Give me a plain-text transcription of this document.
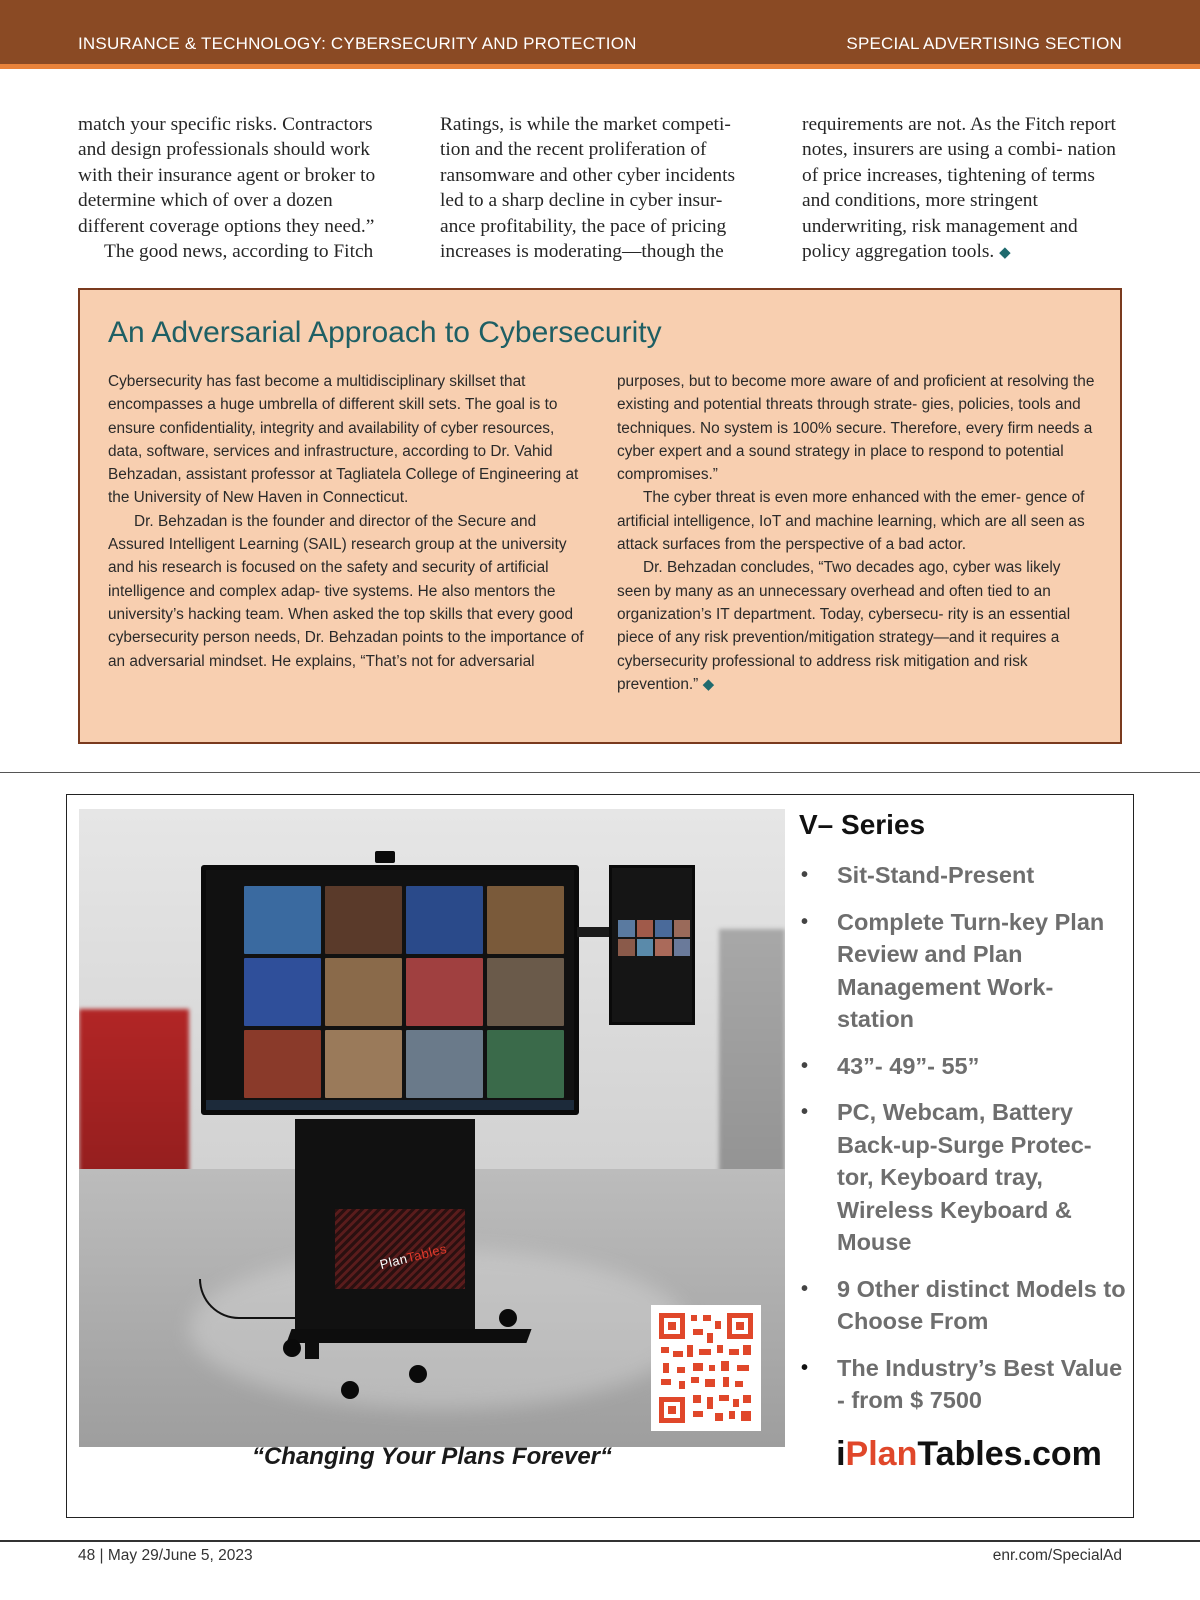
INSURANCE & TECHNOLOGY: CYBERSECURITY AND PROTECTION	SPECIAL ADVERTISING SECTION

match your specific risks. Contractors and design professionals should work with their insurance agent or broker to determine which of over a dozen different coverage options they need.”

The good news, according to Fitch

Ratings, is while the market competi- tion and the recent proliferation of ransomware and other cyber incidents led to a sharp decline in cyber insur- ance profitability, the pace of pricing increases is moderating—though the

requirements are not. As the Fitch report notes, insurers are using a combi- nation of price increases, tightening of terms and conditions, more stringent underwriting, risk management and policy aggregation tools. ◆

An Adversarial Approach to Cybersecurity

Cybersecurity has fast become a multidisciplinary skillset that encompasses a huge umbrella of different skill sets. The goal is to ensure confidentiality, integrity and availability of cyber resources, data, software, services and infrastructure, according to Dr. Vahid Behzadan, assistant professor at Tagliatela College of Engineering at the University of New Haven in Connecticut.

Dr. Behzadan is the founder and director of the Secure and Assured Intelligent Learning (SAIL) research group at the university and his research is focused on the safety and security of artificial intelligence and complex adap- tive systems. He also mentors the university’s hacking team. When asked the top skills that every good cybersecurity person needs, Dr. Behzadan points to the importance of an adversarial mindset. He explains, “That’s not for adversarial

purposes, but to become more aware of and proficient at resolving the existing and potential threats through strate- gies, policies, tools and techniques. No system is 100% secure. Therefore, every firm needs a cyber expert and a sound strategy in place to respond to potential compromises.”

The cyber threat is even more enhanced with the emer- gence of artificial intelligence, IoT and machine learning, which are all seen as attack surfaces from the perspective of a bad actor.

Dr. Behzadan concludes, “Two decades ago, cyber was likely seen by many as an unnecessary overhead and often tied to an organization’s IT department. Today, cybersecu- rity is an essential piece of any risk prevention/mitigation strategy—and it requires a cybersecurity professional to address risk mitigation and risk prevention.” ◆

PlanTables
“Changing Your Plans Forever“
V– Series
• Sit-Stand-Present
• Complete Turn-key Plan Review and Plan Management Work- station
• 43”- 49”- 55”
• PC, Webcam, Battery Back-up-Surge Protec- tor, Keyboard tray, Wireless Keyboard & Mouse
• 9 Other distinct Models to Choose From
• The Industry’s Best Value - from $ 7500
iPlanTables.com
48 | May 29/June 5, 2023	enr.com/SpecialAd
